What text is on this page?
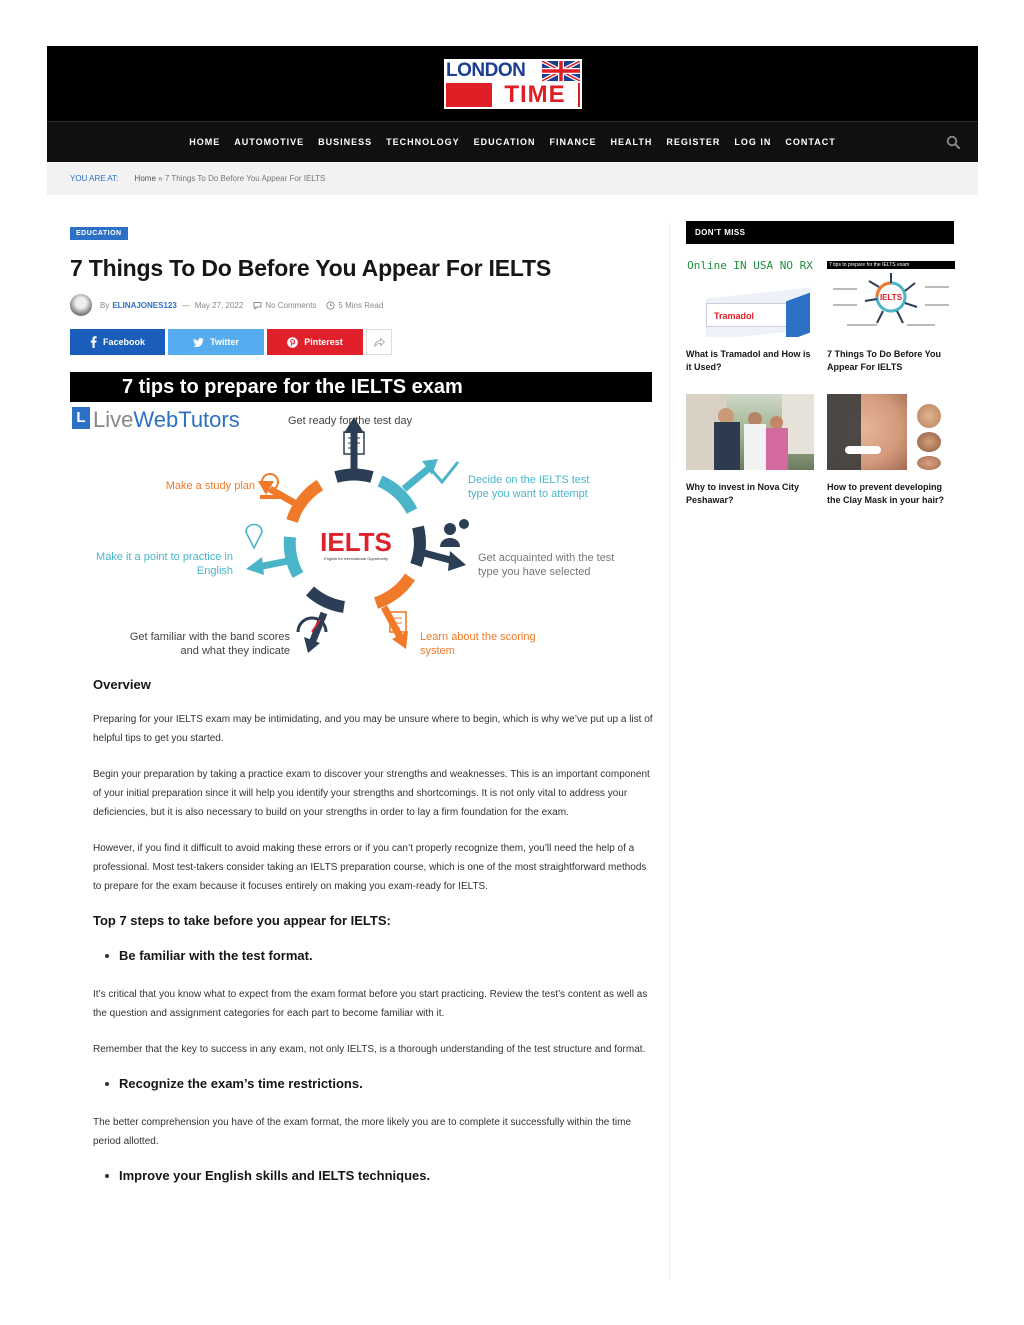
LONDON
TIME
HOME	AUTOMOTIVE	BUSINESS	TECHNOLOGY	EDUCATION	FINANCE	HEALTH	REGISTER	LOG IN	CONTACT
YOU ARE AT: Home » 7 Things To Do Before You Appear For IELTS
EDUCATION
7 Things To Do Before You Appear For IELTS
By ELINAJONES123 — May 27, 2022	No Comments	5 Mins Read
Facebook	Twitter	Pinterest
7 tips to prepare for the IELTS exam
L LiveWebTutors
IELTS
English for International Opportunity
Get ready for the test day
Decide on the IELTS test type you want to attempt
Get acquainted with the test type you have selected
Learn about the scoring system
Get familiar with the band scores and what they indicate
Make it a point to practice in English
Make a study plan
Overview

Preparing for your IELTS exam may be intimidating, and you may be unsure where to begin, which is why we’ve put up a list of helpful tips to get you started.

Begin your preparation by taking a practice exam to discover your strengths and weaknesses. This is an important component of your initial preparation since it will help you identify your strengths and shortcomings. It is not only vital to address your deficiencies, but it is also necessary to build on your strengths in order to lay a firm foundation for the exam.

However, if you find it difficult to avoid making these errors or if you can’t properly recognize them, you’ll need the help of a professional. Most test-takers consider taking an IELTS preparation course, which is one of the most straightforward methods to prepare for the exam because it focuses entirely on making you exam-ready for IELTS.

Top 7 steps to take before you appear for IELTS:
Be familiar with the test format.

It’s critical that you know what to expect from the exam format before you start practicing. Review the test’s content as well as the question and assignment categories for each part to become familiar with it.

Remember that the key to success in any exam, not only IELTS, is a thorough understanding of the test structure and format.

Recognize the exam’s time restrictions.

The better comprehension you have of the exam format, the more likely you are to complete it successfully within the time period allotted.

Improve your English skills and IELTS techniques.
DON'T MISS
Online IN USA NO RX
Tramadol
What is Tramadol and How is it Used?
7 tips to prepare for the IELTS exam
IELTS
7 Things To Do Before You Appear For IELTS
Why to invest in Nova City Peshawar?
How to prevent developing the Clay Mask in your hair?
